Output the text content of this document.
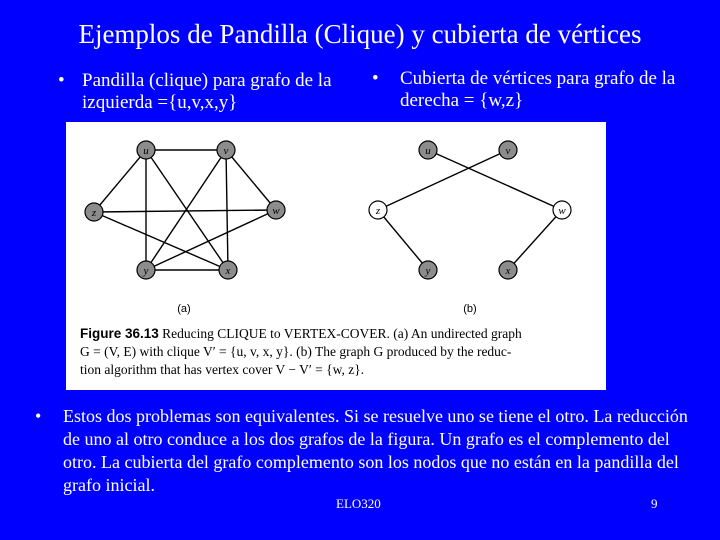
Ejemplos de Pandilla (Clique) y cubierta de vértices
• Pandilla (clique) para grafo de la izquierda ={u,v,x,y}
• Cubierta de vértices para grafo de la derecha = {w,z}
u	v
z	w
y	x
(a)
u	v
z	w
y	x
(b)
Figure 36.13 Reducing CLIQUE to VERTEX-COVER. (a) An undirected graph
G = (V, E) with clique V′ = {u, v, x, y}. (b) The graph G produced by the reduc-
tion algorithm that has vertex cover V − V′ = {w, z}.
• Estos dos problemas son equivalentes. Si se resuelve uno se tiene el otro. La reducción de uno al otro conduce a los dos grafos de la figura. Un grafo es el complemento del otro. La cubierta del grafo complemento son los nodos que no están en la pandilla del grafo inicial.
ELO320	9
